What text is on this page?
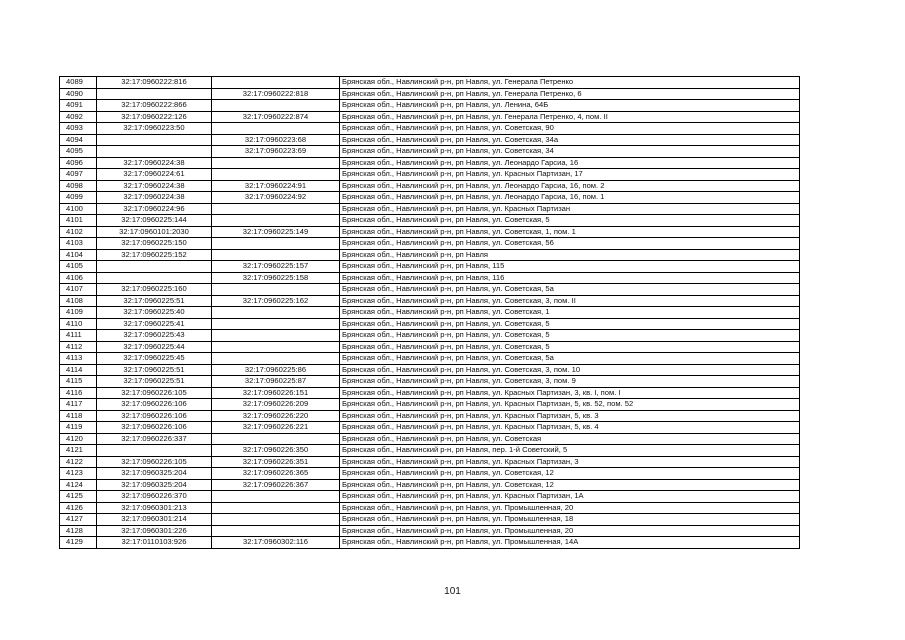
4089	32:17:0960222:816		Брянская обл., Навлинский р-н, рп Навля, ул. Генерала Петренко
4090		32:17:0960222:818	Брянская обл., Навлинский р-н, рп Навля, ул. Генерала Петренко, 6
4091	32:17:0960222:866		Брянская обл., Навлинский р-н, рп Навля, ул. Ленина, 64Б
4092	32:17:0960222:126	32:17:0960222:874	Брянская обл., Навлинский р-н, рп Навля, ул. Генерала Петренко, 4, пом. II
4093	32:17:0960223:50		Брянская обл., Навлинский р-н, рп Навля, ул. Советская, 90
4094		32:17:0960223:68	Брянская обл., Навлинский р-н, рп Навля, ул. Советская, 34а
4095		32:17:0960223:69	Брянская обл., Навлинский р-н, рп Навля, ул. Советская, 34
4096	32:17:0960224:38		Брянская обл., Навлинский р-н, рп Навля, ул. Леонардо Гарсиа, 16
4097	32:17:0960224:61		Брянская обл., Навлинский р-н, рп Навля, ул. Красных Партизан, 17
4098	32:17:0960224:38	32:17:0960224:91	Брянская обл., Навлинский р-н, рп Навля, ул. Леонардо Гарсиа, 16, пом. 2
4099	32:17:0960224:38	32:17:0960224:92	Брянская обл., Навлинский р-н, рп Навля, ул. Леонардо Гарсиа, 16, пом. 1
4100	32:17:0960224:96		Брянская обл., Навлинский р-н, рп Навля, ул. Красных Партизан
4101	32:17:0960225:144		Брянская обл., Навлинский р-н, рп Навля, ул. Советская, 5
4102	32:17:0960101:2030	32:17:0960225:149	Брянская обл., Навлинский р-н, рп Навля, ул. Советская, 1, пом. 1
4103	32:17:0960225:150		Брянская обл., Навлинский р-н, рп Навля, ул. Советская, 56
4104	32:17:0960225:152		Брянская обл., Навлинский р-н, рп Навля
4105		32:17:0960225:157	Брянская обл., Навлинский р-н, рп Навля, 115
4106		32:17:0960225:158	Брянская обл., Навлинский р-н, рп Навля, 116
4107	32:17:0960225:160		Брянская обл., Навлинский р-н, рп Навля, ул. Советская, 5а
4108	32:17:0960225:51	32:17:0960225:162	Брянская обл., Навлинский р-н, рп Навля, ул. Советская, 3, пом. II
4109	32:17:0960225:40		Брянская обл., Навлинский р-н, рп Навля, ул. Советская, 1
4110	32:17:0960225:41		Брянская обл., Навлинский р-н, рп Навля, ул. Советская, 5
4111	32:17:0960225:43		Брянская обл., Навлинский р-н, рп Навля, ул. Советская, 5
4112	32:17:0960225:44		Брянская обл., Навлинский р-н, рп Навля, ул. Советская, 5
4113	32:17:0960225:45		Брянская обл., Навлинский р-н, рп Навля, ул. Советская, 5а
4114	32:17:0960225:51	32:17:0960225:86	Брянская обл., Навлинский р-н, рп Навля, ул. Советская, 3, пом. 10
4115	32:17:0960225:51	32:17:0960225:87	Брянская обл., Навлинский р-н, рп Навля, ул. Советская, 3, пом. 9
4116	32:17:0960226:105	32:17:0960226:151	Брянская обл., Навлинский р-н, рп Навля, ул. Красных Партизан, 3, кв. I, пом. I
4117	32:17:0960226:106	32:17:0960226:209	Брянская обл., Навлинский р-н, рп Навля, ул. Красных Партизан, 5, кв. 52, пом. 52
4118	32:17:0960226:106	32:17:0960226:220	Брянская обл., Навлинский р-н, рп Навля, ул. Красных Партизан, 5, кв. 3
4119	32:17:0960226:106	32:17:0960226:221	Брянская обл., Навлинский р-н, рп Навля, ул. Красных Партизан, 5, кв. 4
4120	32:17:0960226:337		Брянская обл., Навлинский р-н, рп Навля, ул. Советская
4121		32:17:0960226:350	Брянская обл., Навлинский р-н, рп Навля, пер. 1-й Советский, 5
4122	32:17:0960226:105	32:17:0960226:351	Брянская обл., Навлинский р-н, рп Навля, ул. Красных Партизан, 3
4123	32:17:0960325:204	32:17:0960226:365	Брянская обл., Навлинский р-н, рп Навля, ул. Советская, 12
4124	32:17:0960325:204	32:17:0960226:367	Брянская обл., Навлинский р-н, рп Навля, ул. Советская, 12
4125	32:17:0960226:370		Брянская обл., Навлинский р-н, рп Навля, ул. Красных Партизан, 1А
4126	32:17:0960301:213		Брянская обл., Навлинский р-н, рп Навля, ул. Промышленная, 20
4127	32:17:0960301:214		Брянская обл., Навлинский р-н, рп Навля, ул. Промышленная, 18
4128	32:17:0960301:226		Брянская обл., Навлинский р-н, рп Навля, ул. Промышленная, 20
4129	32:17:0110103:926	32:17:0960302:116	Брянская обл., Навлинский р-н, рп Навля, ул. Промышленная, 14А
101
